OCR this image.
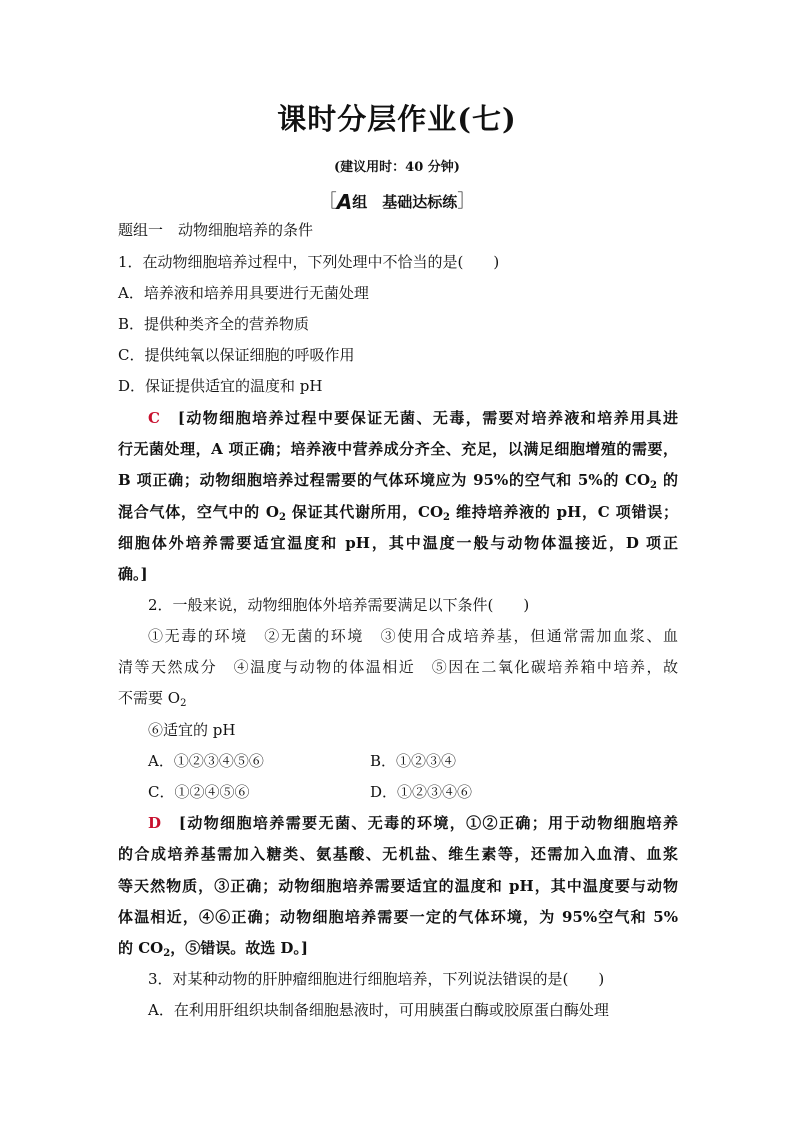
课时分层作业(七)
(建议用时：40 分钟)
［A组　基础达标练］
题组一　动物细胞培养的条件
1．在动物细胞培养过程中，下列处理中不恰当的是(　　)
A．培养液和培养用具要进行无菌处理
B．提供种类齐全的营养物质
C．提供纯氧以保证细胞的呼吸作用
D．保证提供适宜的温度和 pH
C　 [动物细胞培养过程中要保证无菌、无毒，需要对培养液和培养用具进
行无菌处理，A 项正确；培养液中营养成分齐全、充足，以满足细胞增殖的需要，
B 项正确；动物细胞培养过程需要的气体环境应为 95%的空气和 5%的 $CO_2$ 的
混合气体，空气中的 $O_2$ 保证其代谢所用，$CO_2$ 维持培养液的 pH，C 项错误；
细胞体外培养需要适宜温度和 pH，其中温度一般与动物体温接近，D 项正
确。]
2．一般来说，动物细胞体外培养需要满足以下条件(　　)
①无毒的环境　②无菌的环境　③使用合成培养基，但通常需加血浆、血
清等天然成分　④温度与动物的体温相近　⑤因在二氧化碳培养箱中培养，故
不需要 $O_2$
⑥适宜的 pH
A．①②③④⑤⑥	B．①②③④
C．①②④⑤⑥	D．①②③④⑥
D　 [动物细胞培养需要无菌、无毒的环境，①②正确；用于动物细胞培养
的合成培养基需加入糖类、氨基酸、无机盐、维生素等，还需加入血清、血浆
等天然物质，③正确；动物细胞培养需要适宜的温度和 pH，其中温度要与动物
体温相近，④⑥正确；动物细胞培养需要一定的气体环境，为 95%空气和 5%
的 $CO_2$，⑤错误。故选 D。]
3．对某种动物的肝肿瘤细胞进行细胞培养，下列说法错误的是(　　)
A．在利用肝组织块制备细胞悬液时，可用胰蛋白酶或胶原蛋白酶处理
